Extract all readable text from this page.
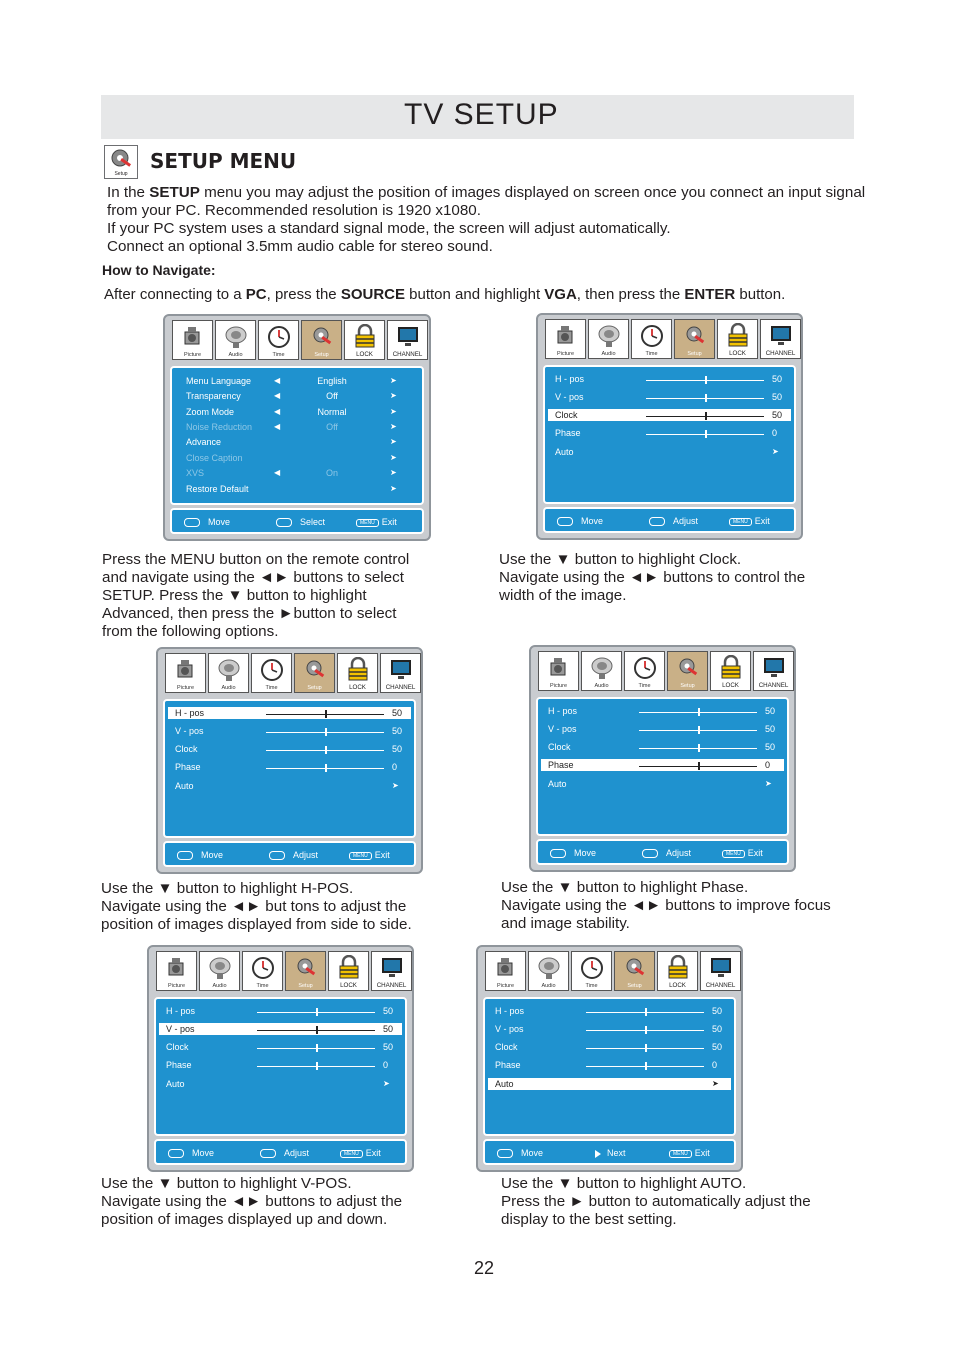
TV SETUP
Setup
SETUP MENU

In the SETUP menu you may adjust the position of images displayed on screen once you connect an input signal from your PC. Recommended resolution is 1920 x1080.

If your PC system uses a standard signal mode, the screen will adjust automatically.

Connect an optional 3.5mm audio cable for stereo sound.

How to Navigate:
After connecting to a PC, press the SOURCE button and highlight VGA, then press the ENTER button.
Picture	Audio	Time	Setup	LOCK	CHANNEL
Menu Language	◀	English	➤
Transparency	◀	Off	➤
Zoom Mode	◀	Normal	➤
Noise Reduction	◀	Off	➤
Advance	➤
Close Caption	➤
XVS	◀	On	➤
Restore Default	➤
Move	Select	MENU Exit
Picture	Audio	Time	Setup	LOCK	CHANNEL
H - pos	50
V - pos	50
Clock	50
Phase	0
Auto	➤
Move	Adjust	MENU Exit
Picture	Audio	Time	Setup	LOCK	CHANNEL
H - pos	50
V - pos	50
Clock	50
Phase	0
Auto	➤
Move	Adjust	MENU Exit
Picture	Audio	Time	Setup	LOCK	CHANNEL
H - pos	50
V - pos	50
Clock	50
Phase	0
Auto	➤
Move	Adjust	MENU Exit
Picture	Audio	Time	Setup	LOCK	CHANNEL
H - pos	50
V - pos	50
Clock	50
Phase	0
Auto	➤
Move	Adjust	MENU Exit
Picture	Audio	Time	Setup	LOCK	CHANNEL
H - pos	50
V - pos	50
Clock	50
Phase	0
Auto	➤
Move	Next	MENU Exit

Press the MENU button on the remote control

and navigate using the ◄► buttons to select

SETUP. Press the ▼ button to highlight

Advanced, then press the ►button to select

from the following options.

Use the ▼ button to highlight Clock.

Navigate using the ◄► buttons to control the

width of the image.

Use the ▼ button to highlight H-POS.

Navigate using the ◄► but tons to adjust the

position of images displayed from side to side.

Use the ▼ button to highlight Phase.

Navigate using the ◄► buttons to improve focus

and image stability.

Use the ▼ button to highlight V-POS.

Navigate using the ◄► buttons to adjust the

position of images displayed up and down.

Use the ▼ button to highlight AUTO.

Press the ► button to automatically adjust the

display to the best setting.

22
